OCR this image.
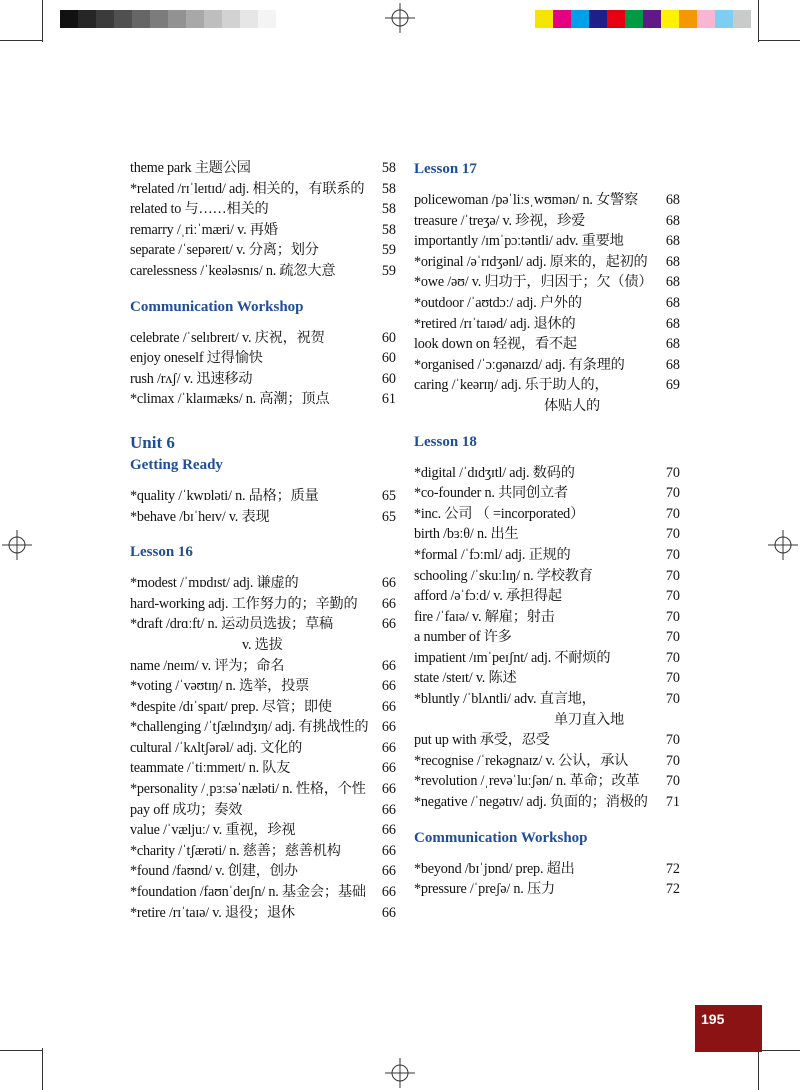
theme park 主题公园	58
*related /rɪˈleɪtɪd/ adj. 相关的，有联系的 58
related to 与……相关的	58
remarry /ˌriːˈmæri/ v. 再婚	58
separate /ˈsepəreɪt/ v. 分离；划分	59
carelessness /ˈkeələsnɪs/ n. 疏忽大意	59
Communication Workshop
celebrate /ˈselɪbreɪt/ v. 庆祝，祝贺	60
enjoy oneself 过得愉快	60
rush /rʌʃ/ v. 迅速移动	60
*climax /ˈklaɪmæks/ n. 高潮；顶点	61
Unit 6
Getting Ready
*quality /ˈkwɒləti/ n. 品格；质量	65
*behave /bɪˈheɪv/ v. 表现	65
Lesson 16
*modest /ˈmɒdɪst/ adj. 谦虚的	66
hard-working adj. 工作努力的；辛勤的 66
*draft /drɑːft/ n. 运动员选拔；草稿	66
v. 选拔
name /neɪm/ v. 评为；命名	66
*voting /ˈvəʊtɪŋ/ n. 选举，投票	66
*despite /dɪˈspaɪt/ prep. 尽管；即使	66
*challenging /ˈtʃælɪndʒɪŋ/ adj. 有挑战性的 66
cultural /ˈkʌltʃərəl/ adj. 文化的	66
teammate /ˈtiːmmeɪt/ n. 队友	66
*personality /ˌpɜːsəˈnæləti/ n. 性格，个性 66
pay off 成功；奏效	66
value /ˈvæljuː/ v. 重视，珍视	66
*charity /ˈtʃærəti/ n. 慈善；慈善机构	66
*found /faʊnd/ v. 创建，创办	66
*foundation /faʊnˈdeɪʃn/ n. 基金会；基础 66
*retire /rɪˈtaɪə/ v. 退役；退休	66
Lesson 17
policewoman /pəˈliːsˌwʊmən/ n. 女警察 68
treasure /ˈtreʒə/ v. 珍视，珍爱	68
importantly /ɪmˈpɔːtəntli/ adv. 重要地	68
*original /əˈrɪdʒənl/ adj. 原来的，起初的 68
*owe /əʊ/ v. 归功于，归因于；欠（债） 68
*outdoor /ˈaʊtdɔː/ adj. 户外的	68
*retired /rɪˈtaɪəd/ adj. 退休的	68
look down on 轻视，看不起	68
*organised /ˈɔːɡənaɪzd/ adj. 有条理的	68
caring /ˈkeərɪŋ/ adj. 乐于助人的，	69
体贴人的
Lesson 18
*digital /ˈdɪdʒɪtl/ adj. 数码的	70
*co-founder n. 共同创立者	70
*inc. 公司 （ =incorporated）	70
birth /bɜːθ/ n. 出生	70
*formal /ˈfɔːml/ adj. 正规的	70
schooling /ˈskuːlɪŋ/ n. 学校教育	70
afford /əˈfɔːd/ v. 承担得起	70
fire /ˈfaɪə/ v. 解雇；射击	70
a number of 许多	70
impatient /ɪmˈpeɪʃnt/ adj. 不耐烦的	70
state /steɪt/ v. 陈述	70
*bluntly /ˈblʌntli/ adv. 直言地，	70
单刀直入地
put up with 承受，忍受	70
*recognise /ˈrekəgnaɪz/ v. 公认，承认	70
*revolution /ˌrevəˈluːʃən/ n. 革命；改革 70
*negative /ˈnegətɪv/ adj. 负面的；消极的 71
Communication Workshop
*beyond /bɪˈjɒnd/ prep. 超出	72
*pressure /ˈpreʃə/ n. 压力	72
195
